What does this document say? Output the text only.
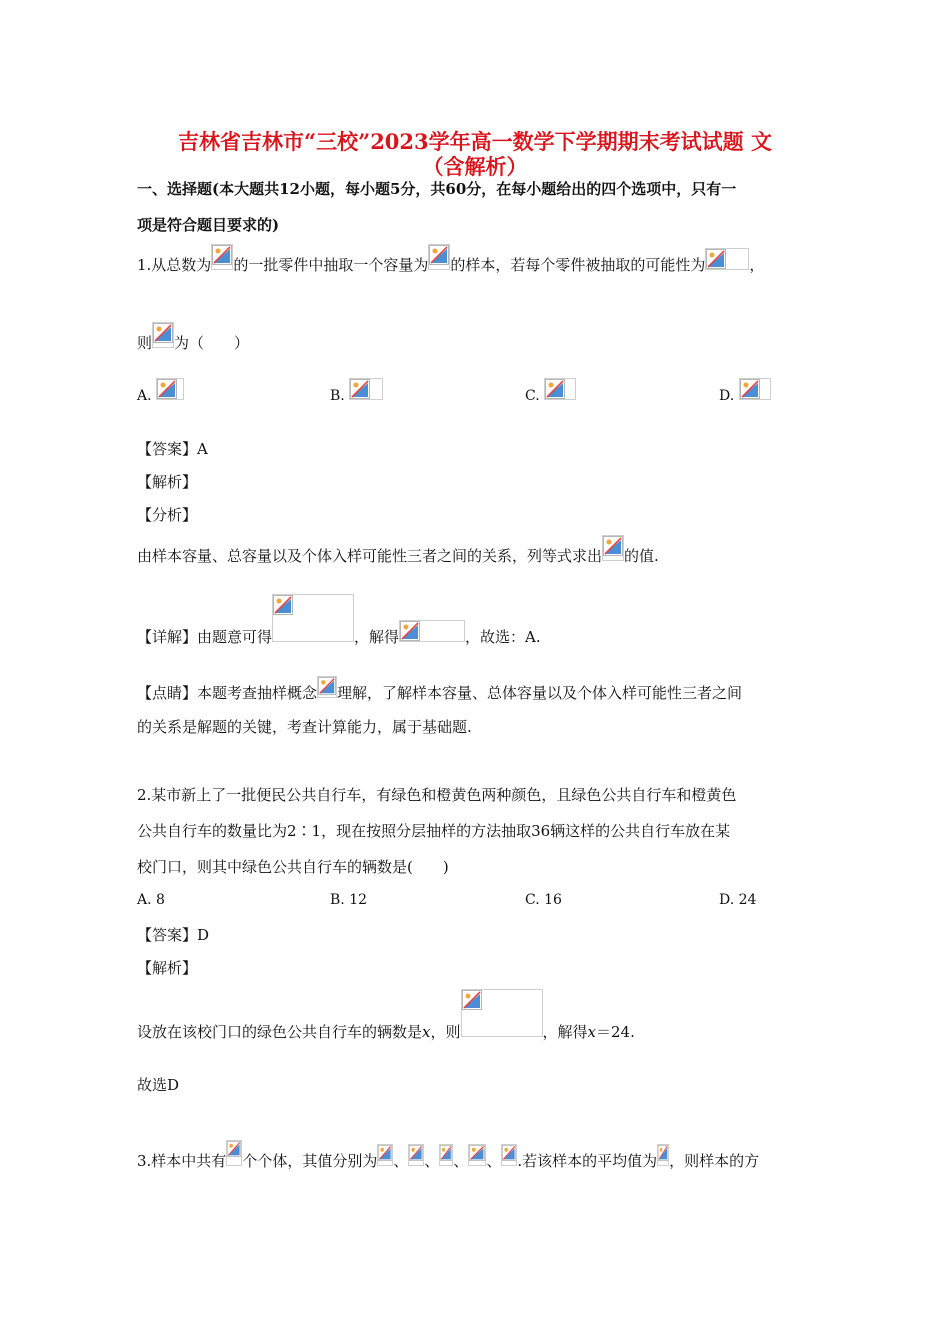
吉林省吉林市“三校”2023学年高一数学下学期期末考试试题 文
（含解析）
一、选择题(本大题共12小题，每小题5分，共60分，在每小题给出的四个选项中，只有一
项是符合题目要求的)
1.从总数为 的一批零件中抽取一个容量为 的样本，若每个零件被抽取的可能性为	，
则 为（　　）
A.	B.	C.	D.
【答案】A
【解析】
【分析】
由样本容量、总容量以及个体入样可能性三者之间的关系，列等式求出 的值.
【详解】由题意可得	，解得	，故选：A.
【点睛】本题考查抽样概念 理解，了解样本容量、总体容量以及个体入样可能性三者之间
的关系是解题的关键，考查计算能力，属于基础题.
2.某市新上了一批便民公共自行车，有绿色和橙黄色两种颜色，且绿色公共自行车和橙黄色
公共自行车的数量比为2∶1，现在按照分层抽样的方法抽取36辆这样的公共自行车放在某
校门口，则其中绿色公共自行车的辆数是(　　)
A. 8	B. 12	C. 16	D. 24
【答案】D
【解析】
设放在该校门口的绿色公共自行车的辆数是x，则	，解得x＝24.
故选D
3.样本中共有 个个体，其值分别为 、 、 、 、 .若该样本的平均值为 ，则样本的方
